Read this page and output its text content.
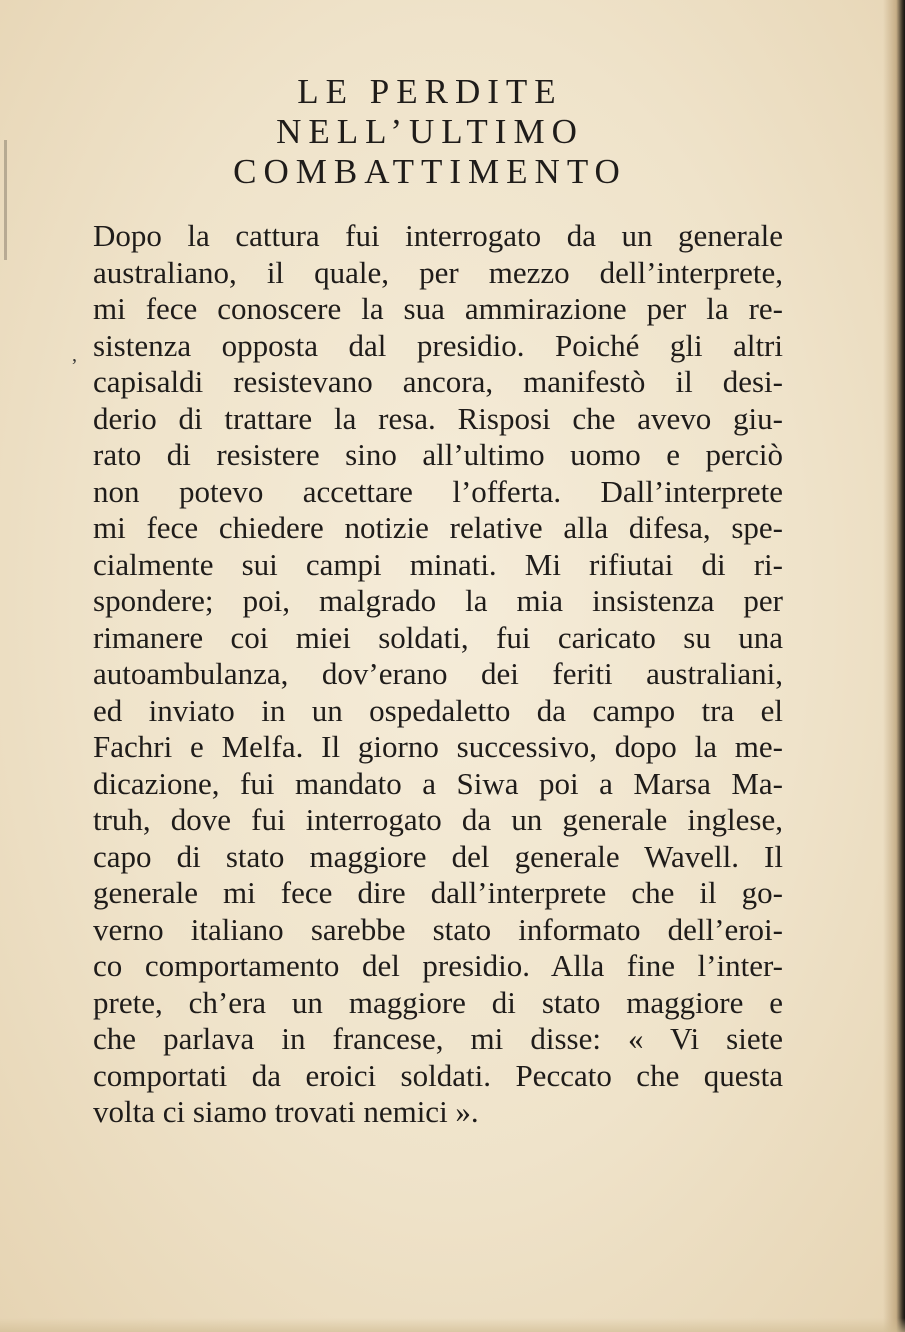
LE PERDITE
NELL’ULTIMO
COMBATTIMENTO
,
Dopo la cattura fui interrogato da un generale
australiano, il quale, per mezzo dell’interprete,
mi fece conoscere la sua ammirazione per la re-
sistenza opposta dal presidio. Poiché gli altri
capisaldi resistevano ancora, manifestò il desi-
derio di trattare la resa. Risposi che avevo giu-
rato di resistere sino all’ultimo uomo e perciò
non potevo accettare l’offerta. Dall’interprete
mi fece chiedere notizie relative alla difesa, spe-
cialmente sui campi minati. Mi rifiutai di ri-
spondere; poi, malgrado la mia insistenza per
rimanere coi miei soldati, fui caricato su una
autoambulanza, dov’erano dei feriti australiani,
ed inviato in un ospedaletto da campo tra el
Fachri e Melfa. Il giorno successivo, dopo la me-
dicazione, fui mandato a Siwa poi a Marsa Ma-
truh, dove fui interrogato da un generale inglese,
capo di stato maggiore del generale Wavell. Il
generale mi fece dire dall’interprete che il go-
verno italiano sarebbe stato informato dell’eroi-
co comportamento del presidio. Alla fine l’inter-
prete, ch’era un maggiore di stato maggiore e
che parlava in francese, mi disse: « Vi siete
comportati da eroici soldati. Peccato che questa
volta ci siamo trovati nemici ».
